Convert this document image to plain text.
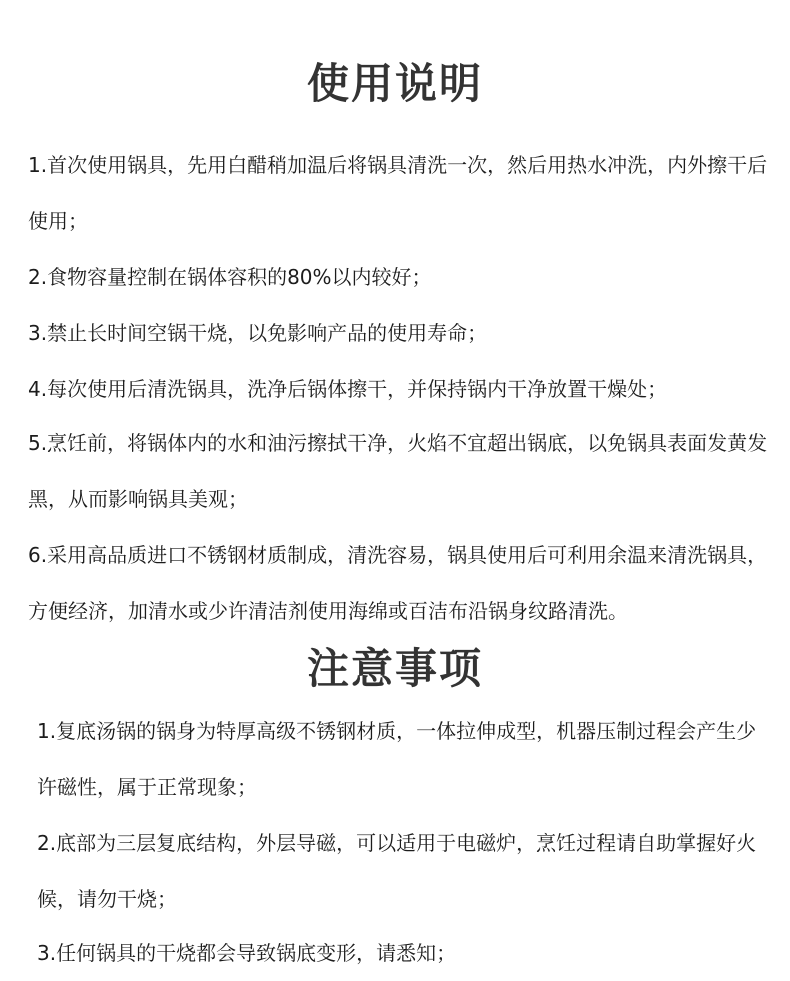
使用说明

1.首次使用锅具，先用白醋稍加温后将锅具清洗一次，然后用热水冲洗，内外擦干后使用；

2.食物容量控制在锅体容积的80%以内较好；

3.禁止长时间空锅干烧，以免影响产品的使用寿命；

4.每次使用后清洗锅具，洗净后锅体擦干，并保持锅内干净放置干燥处；

5.烹饪前，将锅体内的水和油污擦拭干净，火焰不宜超出锅底，以免锅具表面发黄发黑，从而影响锅具美观；

6.采用高品质进口不锈钢材质制成，清洗容易，锅具使用后可利用余温来清洗锅具，方便经济，加清水或少许清洁剂使用海绵或百洁布沿锅身纹路清洗。

注意事项

1.复底汤锅的锅身为特厚高级不锈钢材质，一体拉伸成型，机器压制过程会产生少许磁性，属于正常现象；

2.底部为三层复底结构，外层导磁，可以适用于电磁炉，烹饪过程请自助掌握好火候，请勿干烧；

3.任何锅具的干烧都会导致锅底变形，请悉知；
